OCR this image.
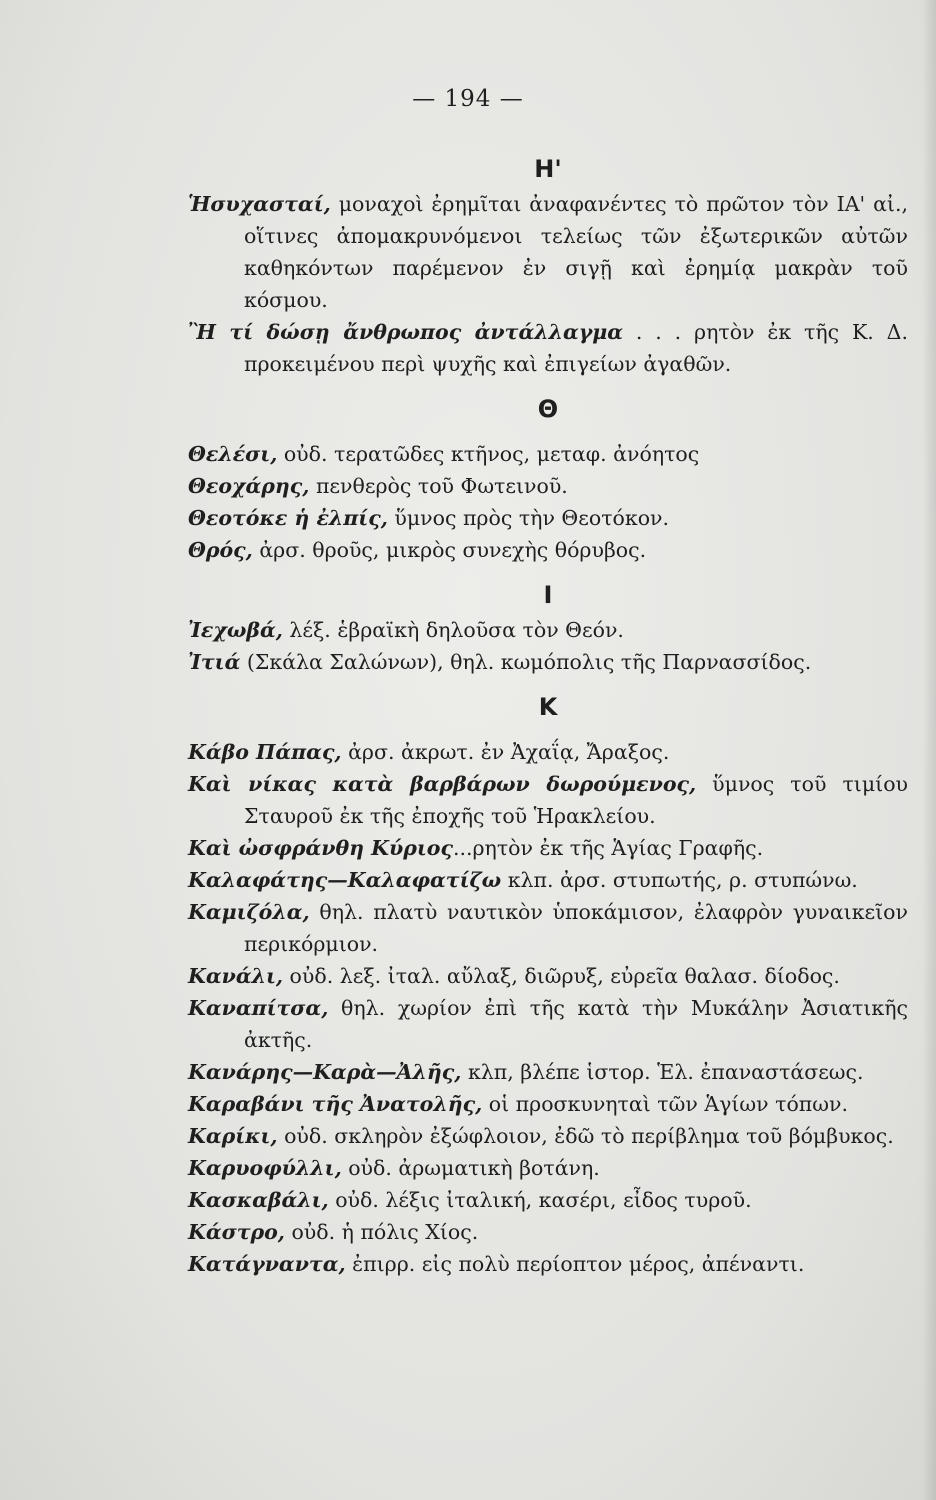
— 194 —
Η'
Ἡσυχασταί, μοναχοὶ ἐρημῖται ἀναφανέντες τὸ πρῶτον τὸν ΙΑ' αἰ., οἵτινες ἀπομακρυνόμενοι τελείως τῶν ἐξωτερικῶν αὐτῶν καθηκόντων παρέμενον ἐν σιγῇ καὶ ἐρημίᾳ μακρὰν τοῦ κόσμου.
Ἢ τί δώσῃ ἄνθρωπος ἀντάλλαγμα . . . ρητὸν ἐκ τῆς Κ. Δ. προκειμένου περὶ ψυχῆς καὶ ἐπιγείων ἀγαθῶν.
Θ
Θελέσι, οὐδ. τερατῶδες κτῆνος, μεταφ. ἀνόητος
Θεοχάρης, πενθερὸς τοῦ Φωτεινοῦ.
Θεοτόκε ἡ ἐλπίς, ὕμνος πρὸς τὴν Θεοτόκον.
Θρός, ἀρσ. θροῦς, μικρὸς συνεχὴς θόρυβος.
Ι
Ἰεχωβά, λέξ. ἑβραϊκὴ δηλοῦσα τὸν Θεόν.
Ἰτιά (Σκάλα Σαλώνων), θηλ. κωμόπολις τῆς Παρνασσίδος.
Κ
Κάβο Πάπας, ἀρσ. ἀκρωτ. ἐν Ἀχαΐᾳ, Ἄραξος.
Καὶ νίκας κατὰ βαρβάρων δωρούμενος, ὕμνος τοῦ τιμίου Σταυροῦ ἐκ τῆς ἐποχῆς τοῦ Ἡρακλείου.
Καὶ ὠσφράνθη Κύριος...ρητὸν ἐκ τῆς Ἁγίας Γραφῆς.
Καλαφάτης—Καλαφατίζω κλπ. ἀρσ. στυπωτής, ρ. στυπώνω.
Καμιζόλα, θηλ. πλατὺ ναυτικὸν ὑποκάμισον, ἐλαφρὸν γυναικεῖον περικόρμιον.
Κανάλι, οὐδ. λεξ. ἰταλ. αὔλαξ, διῶρυξ, εὐρεῖα θαλασ. δίοδος.
Καναπίτσα, θηλ. χωρίον ἐπὶ τῆς κατὰ τὴν Μυκάλην Ἀσιατικῆς ἀκτῆς.
Κανάρης—Καρὰ—Ἀλῆς, κλπ, βλέπε ἱστορ. Ἑλ. ἐπαναστάσεως.
Καραβάνι τῆς Ἀνατολῆς, οἱ προσκυνηταὶ τῶν Ἁγίων τόπων.
Καρίκι, οὐδ. σκληρὸν ἐξώφλοιον, ἐδῶ τὸ περίβλημα τοῦ βόμβυκος.
Καρυοφύλλι, οὐδ. ἀρωματικὴ βοτάνη.
Κασκαβάλι, οὐδ. λέξις ἰταλική, κασέρι, εἶδος τυροῦ.
Κάστρο, οὐδ. ἡ πόλις Χίος.
Κατάγναντα, ἐπιρρ. εἰς πολὺ περίοπτον μέρος, ἀπέναντι.
